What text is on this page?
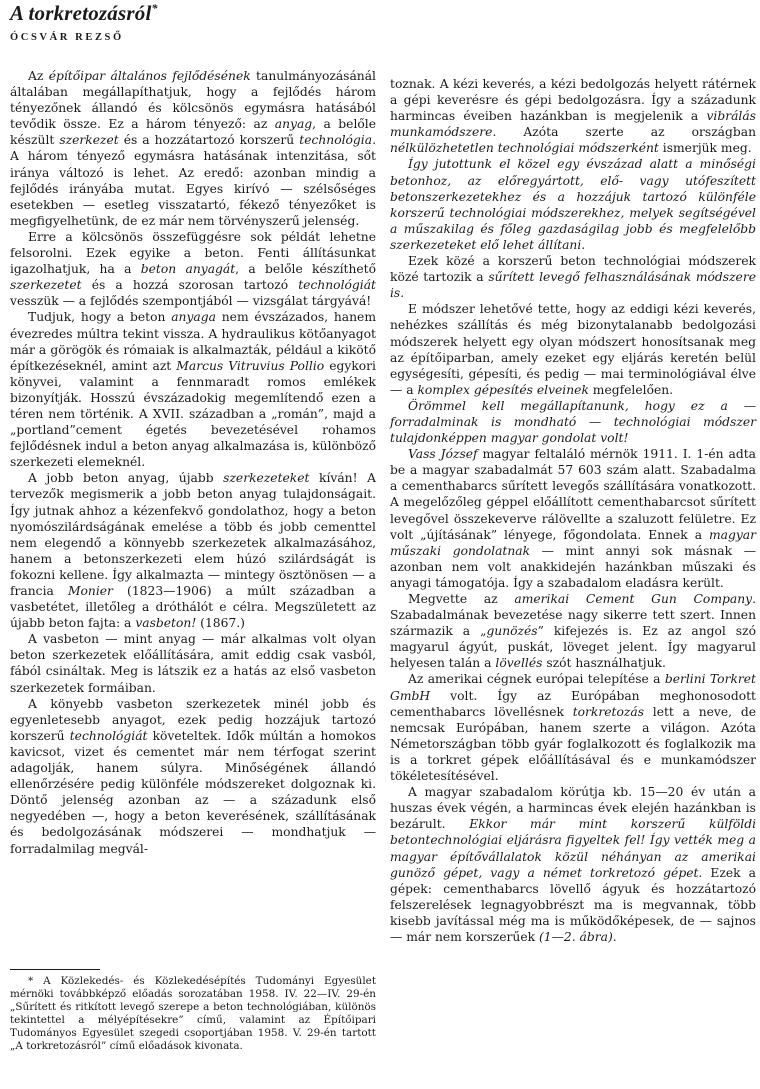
A torkretozásról*
ÓCSVÁR REZSŐ

Az építőipar általános fejlődésének tanulmányozásánál általában megállapíthatjuk, hogy a fejlődés három tényezőnek állandó és kölcsönös egymásra hatásából tevődik össze. Ez a három tényező: az anyag, a belőle készült szerkezet és a hozzátartozó korszerű technológia. A három tényező egymásra hatásának intenzitása, sőt iránya változó is lehet. Az eredő: azonban mindig a fejlődés irányába mutat. Egyes kirívó — szélsőséges esetekben — esetleg visszatartó, fékező tényezőket is megfigyelhetünk, de ez már nem törvényszerű jelenség.

Erre a kölcsönös összefüggésre sok példát lehetne felsorolni. Ezek egyike a beton. Fenti állításunkat igazolhatjuk, ha a beton anyagát, a belőle készíthető szerkezetet és a hozzá szorosan tartozó technológiát vesszük — a fejlődés szempontjából — vizsgálat tárgyává!

Tudjuk, hogy a beton anyaga nem évszázados, hanem évezredes múltra tekint vissza. A hydraulikus kötőanyagot már a görögök és rómaiak is alkalmazták, például a kikötő építkezéseknél, amint azt Marcus Vitruvius Pollio egykori könyvei, valamint a fennmaradt romos emlékek bizonyítják. Hosszú évszázadokig megemlítendő ezen a téren nem történik. A XVII. században a „román”, majd a „portland”cement égetés bevezetésével rohamos fejlődésnek indul a beton anyag alkalmazása is, különböző szerkezeti elemeknél.

A jobb beton anyag, újabb szerkezeteket kíván! A tervezők megismerik a jobb beton anyag tulajdonságait. Így jutnak ahhoz a kézenfekvő gondolathoz, hogy a beton nyomószilárdságának emelése a több és jobb cementtel nem elegendő a könnyebb szerkezetek alkalmazásához, hanem a betonszerkezeti elem húzó szilárdságát is fokozni kellene. Így alkalmazta — mintegy ösztönösen — a francia Monier (1823—1906) a múlt században a vasbetétet, illetőleg a dróthálót e célra. Megszületett az újabb beton fajta: a vasbeton! (1867.)

A vasbeton — mint anyag — már alkalmas volt olyan beton szerkezetek előállítására, amit eddig csak vasból, fából csináltak. Meg is látszik ez a hatás az első vasbeton szerkezetek formáiban.

A könyebb vasbeton szerkezetek minél jobb és egyenletesebb anyagot, ezek pedig hozzájuk tartozó korszerű technológiát követeltek. Idők múltán a homokos kavicsot, vizet és cementet már nem térfogat szerint adagolják, hanem súlyra. Minőségének állandó ellenőrzésére pedig különféle módszereket dolgoznak ki. Döntő jelenség azonban az — a századunk első negyedében —, hogy a beton keverésének, szállításának és bedolgozásának módszerei — mondhatjuk — forradalmilag megvál-

toznak. A kézi keverés, a kézi bedolgozás helyett rátérnek a gépi keverésre és gépi bedolgozásra. Így a századunk harmincas éveiben hazánkban is megjelenik a vibrálás munkamódszere. Azóta szerte az országban nélkülözhetetlen technológiai módszerként ismerjük meg.

Így jutottunk el közel egy évszázad alatt a minőségi betonhoz, az előregyártott, elő- vagy utófeszített betonszerkezetekhez és a hozzájuk tartozó különféle korszerű technológiai módszerekhez, melyek segítségével a műszakilag és főleg gazdaságilag jobb és megfelelőbb szerkezeteket elő lehet állítani.

Ezek közé a korszerű beton technológiai módszerek közé tartozik a sűrített levegő felhasználásának módszere is.

E módszer lehetővé tette, hogy az eddigi kézi keverés, nehézkes szállítás és még bizonytalanabb bedolgozási módszerek helyett egy olyan módszert honosítsanak meg az építőiparban, amely ezeket egy eljárás keretén belül egységesíti, gépesíti, és pedig — mai terminológiával élve — a komplex gépesítés elveinek megfelelően.

Örömmel kell megállapítanunk, hogy ez a — forradalminak is mondható — technológiai módszer tulajdonképpen magyar gondolat volt!

Vass József magyar feltaláló mérnök 1911. I. 1-én adta be a magyar szabadalmát 57 603 szám alatt. Szabadalma a cementhabarcs sűrített levegős szállítására vonatkozott. A megelőzőleg géppel előállított cementhabarcsot sűrített levegővel összekeverve rálövellte a szaluzott felületre. Ez volt „újításának” lényege, főgondolata. Ennek a magyar műszaki gondolatnak — mint annyi sok másnak — azonban nem volt anakkidején hazánkban műszaki és anyagi támogatója. Így a szabadalom eladásra került.

Megvette az amerikai Cement Gun Company. Szabadalmának bevezetése nagy sikerre tett szert. Innen származik a „gunözés” kifejezés is. Ez az angol szó magyarul ágyút, puskát, löveget jelent. Így magyarul helyesen talán a lövellés szót használhatjuk.

Az amerikai cégnek európai telepítése a berlini Torkret GmbH volt. Így az Európában meghonosodott cementhabarcs lövellésnek torkretozás lett a neve, de nemcsak Európában, hanem szerte a világon. Azóta Németországban több gyár foglalkozott és foglalkozik ma is a torkret gépek előállításával és e munkamódszer tökéletesítésével.

A magyar szabadalom körútja kb. 15—20 év után a huszas évek végén, a harmincas évek elején hazánkban is bezárult. Ekkor már mint korszerű külföldi betontechnológiai eljárásra figyeltek fel! Így vették meg a magyar építővállalatok közül néhányan az amerikai gunöző gépet, vagy a német torkretozó gépet. Ezek a gépek: cementhabarcs lövellő ágyuk és hozzátartozó felszerelések legnagyobbrészt ma is megvannak, több kisebb javítással még ma is működőképesek, de — sajnos — már nem korszerűek (1—2. ábra).

* A Közlekedés- és Közlekedésépítés Tudományi Egyesület mérnöki továbbképző előadás sorozatában 1958. IV. 22—IV. 29-én „Sűrített és ritkított levegő szerepe a beton technológiában, különös tekintettel a mélyépítésekre” című, valamint az Építőipari Tudományos Egyesület szegedi csoportjában 1958. V. 29-én tartott „A torkretozásról” című előadások kivonata.
